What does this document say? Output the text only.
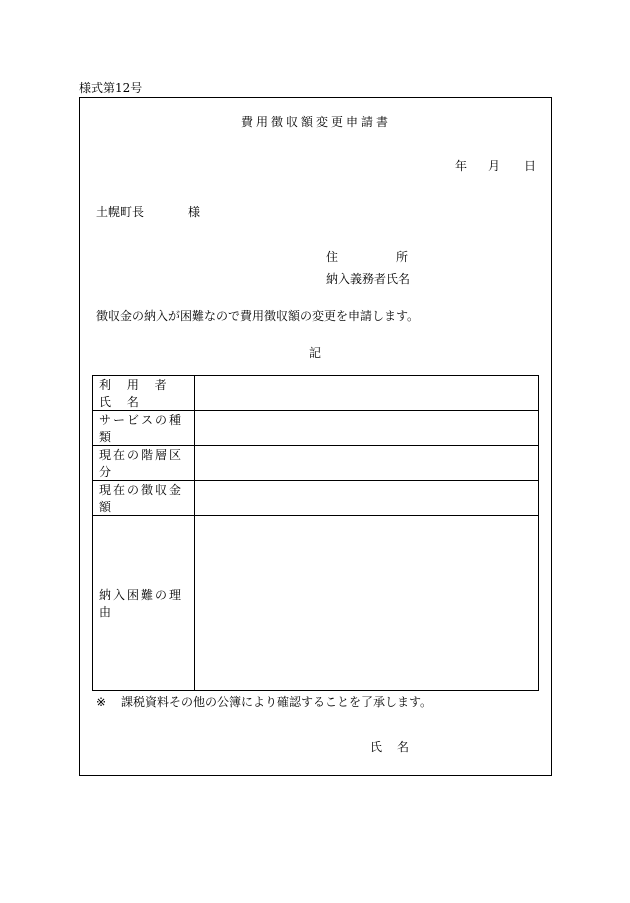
様式第12号
費用徴収額変更申請書
年 月 日
土幌町長	様
住	所
納入義務者氏名
徴収金の納入が困難なので費用徴収額の変更を申請します。
記
利 用 者 氏 名	
サービスの種類	
現在の階層区分	
現在の徴収金額	
納入困難の理由	
※ 課税資料その他の公簿により確認することを了承します。
氏 名
